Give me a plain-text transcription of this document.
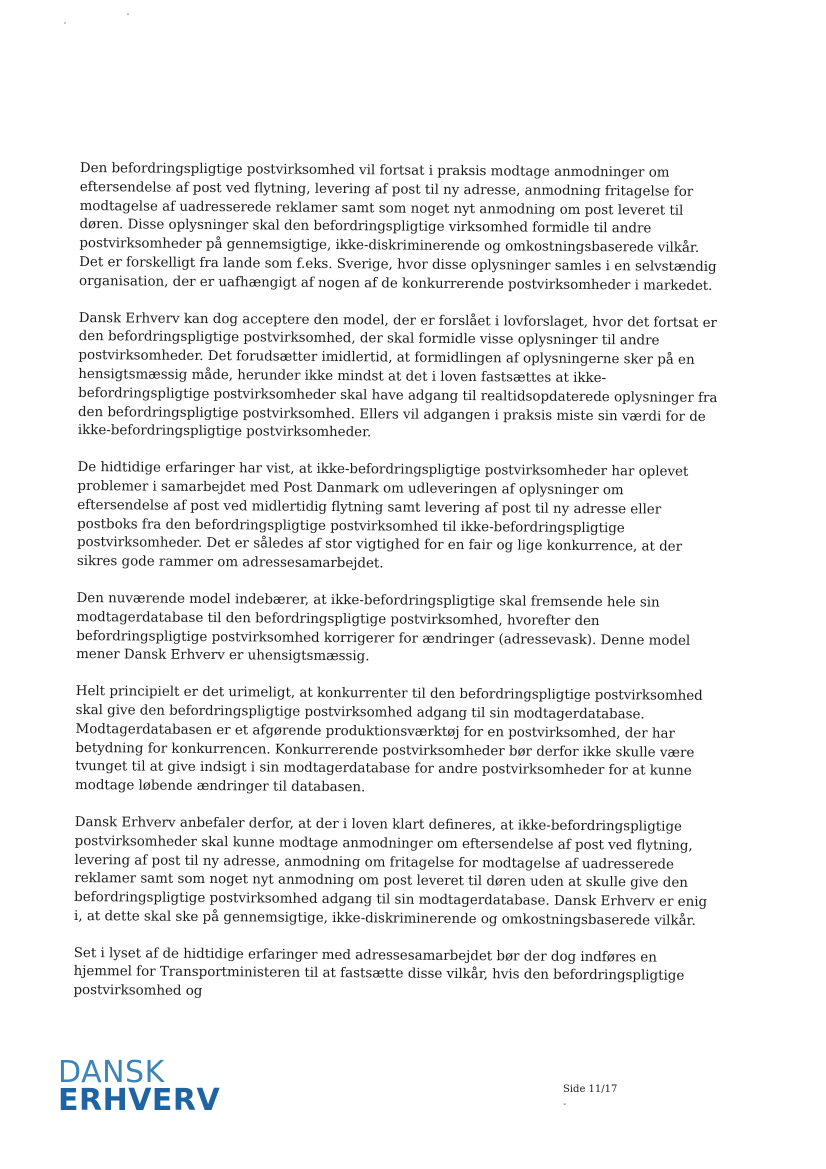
Den befordringspligtige postvirksomhed vil fortsat i praksis modtage anmodninger om eftersendelse af post ved flytning, levering af post til ny adresse, anmodning fritagelse for modtagelse af uadresserede reklamer samt som noget nyt anmodning om post leveret til døren. Disse oplysninger skal den befordringspligtige virksomhed formidle til andre postvirksomheder på gennemsigtige, ikke-diskriminerende og omkostningsbaserede vilkår. Det er forskelligt fra lande som f.eks. Sverige, hvor disse oplysninger samles i en selvstændig organisation, der er uafhængigt af nogen af de konkurrerende postvirksomheder i markedet.

Dansk Erhverv kan dog acceptere den model, der er forslået i lovforslaget, hvor det fortsat er den befordringspligtige postvirksomhed, der skal formidle visse oplysninger til andre postvirksomheder. Det forudsætter imidlertid, at formidlingen af oplysningerne sker på en hensigtsmæssig måde, herunder ikke mindst at det i loven fastsættes at ikke-befordringspligtige postvirksomheder skal have adgang til realtidsopdaterede oplysninger fra den befordringspligtige postvirksomhed. Ellers vil adgangen i praksis miste sin værdi for de ikke-befordringspligtige postvirksomheder.

De hidtidige erfaringer har vist, at ikke-befordringspligtige postvirksomheder har oplevet problemer i samarbejdet med Post Danmark om udleveringen af oplysninger om eftersendelse af post ved midlertidig flytning samt levering af post til ny adresse eller postboks fra den befordringspligtige postvirksomhed til ikke-befordringspligtige postvirksomheder. Det er således af stor vigtighed for en fair og lige konkurrence, at der sikres gode rammer om adressesamarbejdet.

Den nuværende model indebærer, at ikke-befordringspligtige skal fremsende hele sin modtagerdatabase til den befordringspligtige postvirksomhed, hvorefter den befordringspligtige postvirksomhed korrigerer for ændringer (adressevask). Denne model mener Dansk Erhverv er uhensigtsmæssig.

Helt principielt er det urimeligt, at konkurrenter til den befordringspligtige postvirksomhed skal give den befordringspligtige postvirksomhed adgang til sin modtagerdatabase. Modtagerdatabasen er et afgørende produktionsværktøj for en postvirksomhed, der har betydning for konkurrencen. Konkurrerende postvirksomheder bør derfor ikke skulle være tvunget til at give indsigt i sin modtagerdatabase for andre postvirksomheder for at kunne modtage løbende ændringer til databasen.

Dansk Erhverv anbefaler derfor, at der i loven klart defineres, at ikke-befordringspligtige postvirksomheder skal kunne modtage anmodninger om eftersendelse af post ved flytning, levering af post til ny adresse, anmodning om fritagelse for modtagelse af uadresserede reklamer samt som noget nyt anmodning om post leveret til døren uden at skulle give den befordringspligtige postvirksomhed adgang til sin modtagerdatabase. Dansk Erhverv er enig i, at dette skal ske på gennemsigtige, ikke-diskriminerende og omkostningsbaserede vilkår.

Set i lyset af de hidtidige erfaringer med adressesamarbejdet bør der dog indføres en hjemmel for Transportministeren til at fastsætte disse vilkår, hvis den befordringspligtige postvirksomhed og

DANSK
ERHVERV	Side 11/17
-
